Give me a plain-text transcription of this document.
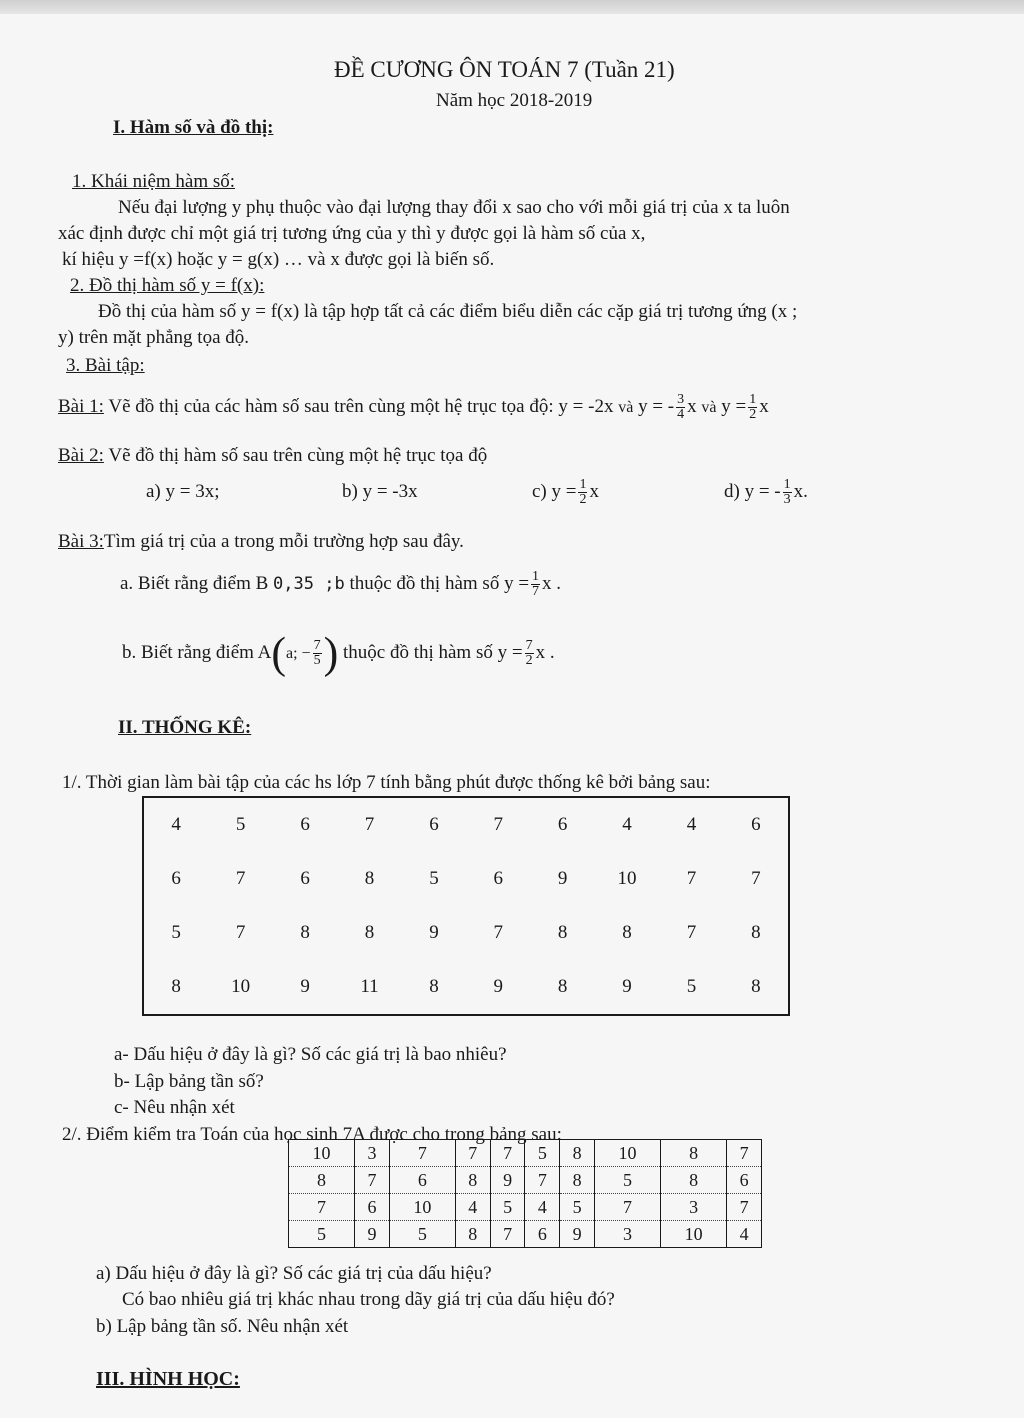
ĐỀ CƯƠNG ÔN TOÁN 7 (Tuần 21)
Năm học 2018-2019
I. Hàm số và đồ thị:
1. Khái niệm hàm số:
Nếu đại lượng y phụ thuộc vào đại lượng thay đổi x sao cho với mỗi giá trị của x ta luôn
xác định được chỉ một giá trị tương ứng của y thì y được gọi là hàm số của x,
kí hiệu y =f(x) hoặc y = g(x) … và x được gọi là biến số.
2. Đồ thị hàm số y = f(x):
Đồ thị của hàm số y = f(x) là tập hợp tất cả các điểm biểu diễn các cặp giá trị tương ứng (x ;
y) trên mặt phẳng tọa độ.
3. Bài tập:
Bài 1: Vẽ đồ thị của các hàm số sau trên cùng một hệ trục tọa độ: y = -2x và y = - $\frac{3}{4}$ x và $y = \frac{1}{2}$ x
Bài 2: Vẽ đồ thị hàm số sau trên cùng một hệ trục tọa độ
a) y = 3x;	b) y = -3x	c) $y = \frac{1}{2}$ x	d) y = - $\frac{1}{3} x$.
Bài 3:Tìm giá trị của a trong mỗi trường hợp sau đây.
a. Biết rằng điểm B 0,35 ;b thuộc đồ thị hàm số $y = \frac{1}{7}$ x .
b. Biết rằng điểm A(a; − $\frac{7}{5}$ ) thuộc đồ thị hàm số $y = \frac{7}{2}$ x .
II. THỐNG KÊ:
1/. Thời gian làm bài tập của các hs lớp 7 tính bằng phút được thống kê bởi bảng sau:
4	5	6	7	6	7	6	4	4	6
6	7	6	8	5	6	9	10	7	7
5	7	8	8	9	7	8	8	7	8
8	10	9	11	8	9	8	9	5	8
a- Dấu hiệu ở đây là gì? Số các giá trị là bao nhiêu?
b- Lập bảng tần số?
c- Nêu nhận xét
2/. Điểm kiểm tra Toán của học sinh 7A được cho trong bảng sau:
10	3	7	7	7	5	8	10	8	7
8	7	6	8	9	7	8	5	8	6
7	6	10	4	5	4	5	7	3	7
5	9	5	8	7	6	9	3	10	4
a) Dấu hiệu ở đây là gì? Số các giá trị của dấu hiệu?
Có bao nhiêu giá trị khác nhau trong dãy giá trị của dấu hiệu đó?
b) Lập bảng tần số. Nêu nhận xét
III. HÌNH HỌC:
